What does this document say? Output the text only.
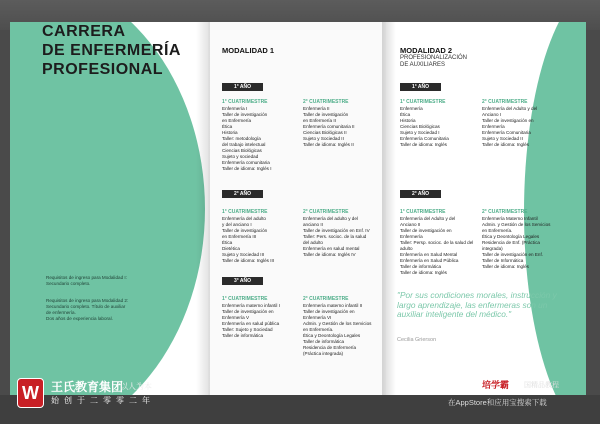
CARRERA
DE ENFERMERÍA
PROFESIONAL
Requisitos de ingreso para Modalidad I:
Secundario completo.
Requisitos de ingreso para Modalidad 2:
Secundario completo. Título de auxiliar
de enfermería.
Dos años de experiencia laboral.
MODALIDAD 1
1° AÑO
1° CUATRIMESTRE
Enfermería I
Taller de investigación
en Enfermería
Ética
Historia
Taller: metodología
del trabajo intelectual
Ciencias Biológicas
Sujeto y sociedad
Enfermería comunitaria
Taller de idioma: Inglés I
2° CUATRIMESTRE
Enfermería II
Taller de investigación
en Enfermería II
Enfermería comunitaria II
Ciencias Biológicas II
Sujeto y Sociedad II
Taller de idioma: Inglés II
2° AÑO
1° CUATRIMESTRE
Enfermería del adulto
y del anciano I
Taller de investigación
en Enfermería III
Ética
Dietética
Sujeto y Sociedad III
Taller de idioma: Inglés III
2° CUATRIMESTRE
Enfermería del adulto y del
anciano II
Taller de investigación en Enf. IV
Taller: Pers. socioc. de la salud
del adulto
Enfermería en salud mental
Taller de idioma: Inglés IV
3° AÑO
1° CUATRIMESTRE
Enfermería materno infantil I
Taller de investigación en
Enfermería V
Enfermería en salud pública
Taller: Sujeto y Sociedad
Taller de informática
2° CUATRIMESTRE
Enfermería materno infantil II
Taller de investigación en
Enfermería VI
Admin. y Gestión de los Servicios
en Enfermería.
Ética y Deontología Legales
Taller de informática
Residencia de Enfermería
(Práctica integrada)
MODALIDAD 2
PROFESIONALIZACIÓN
DE AUXILIARES
1° AÑO
1° CUATRIMESTRE
Enfermería
Ética
Historia
Ciencias Biológicas
Sujeto y Sociedad I
Enfermería Comunitaria
Taller de idioma: Inglés
2° CUATRIMESTRE
Enfermería del Adulto y del
Anciano I
Taller de investigación en
Enfermería
Enfermería Comunitaria
Sujeto y Sociedad II
Taller de idioma: Inglés
2° AÑO
1° CUATRIMESTRE
Enfermería del Adulto y del
Anciano II
Taller de investigación en
Enfermería
Taller: Persp. socioc. de la salud del
adulto
Enfermería en Salud Mental
Enfermería en Salud Pública
Taller de informática
Taller de idioma: Inglés
2° CUATRIMESTRE
Enfermería Materno Infantil
Admin. y Gestión de los Servicios
en Enfermería.
Ética y Deontología Legales
Residencia de Enf. (Práctica
integrada)
Taller de investigación en Enf.
Taller de Informática
Taller de idioma: Inglés
"Por sus condiciones morales, instrucción y largo aprendizaje, las enfermeras son un auxiliar inteligente del médico."
Cecilia Grierson
W	王氏教育集团
以人为本
始创于二零零二年
培学霸 国精品教程
在AppStore和应用宝搜索下载
